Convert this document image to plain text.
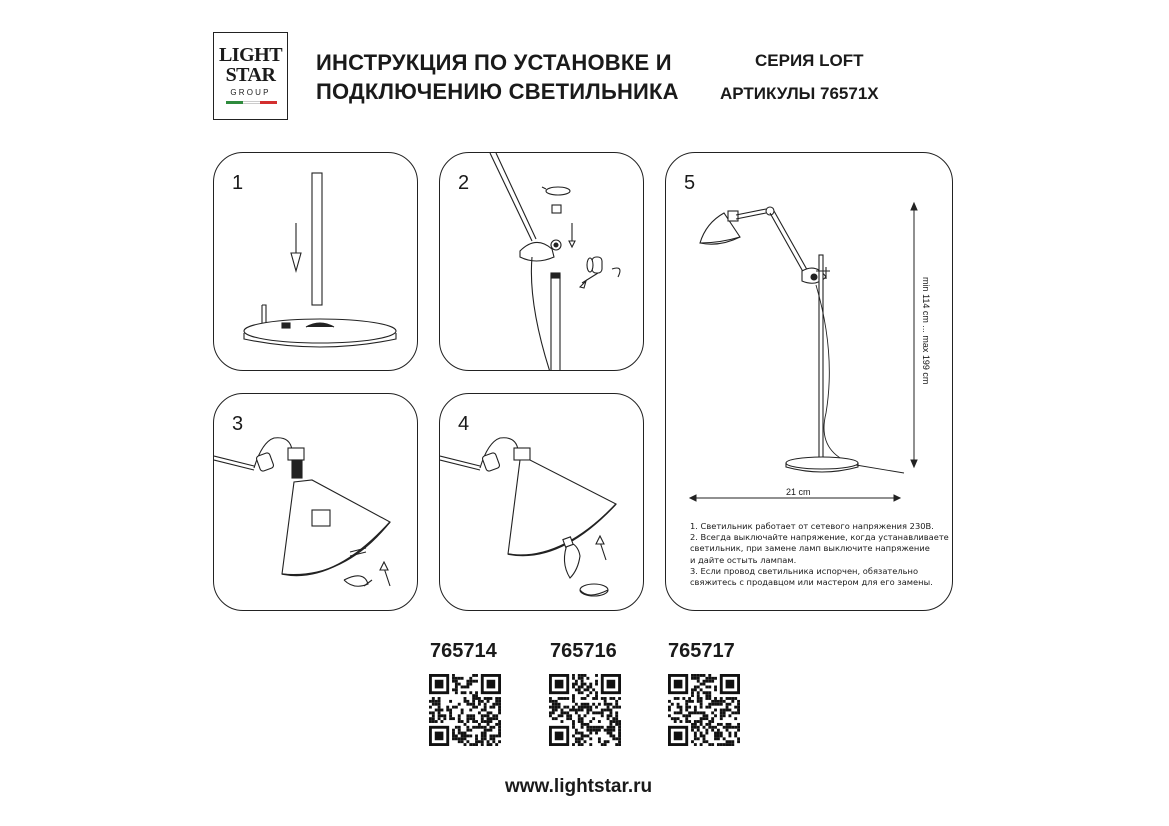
LIGHT
STAR
GROUP
ИНСТРУКЦИЯ ПО УСТАНОВКЕ И
ПОДКЛЮЧЕНИЮ СВЕТИЛЬНИКА
СЕРИЯ LOFT
АРТИКУЛЫ 76571X
1	2
3	4
5
21 cm
min 114 cm ... max 199 cm

1. Светильник работает от сетевого напряжения 230В.

2. Всегда выключайте напряжение, когда устанавливаете

светильник, при замене ламп выключите напряжение

и дайте остыть лампам.

3. Если провод светильника испорчен, обязательно

свяжитесь с продавцом или мастером для его замены.

765714	765716	765717
www.lightstar.ru
